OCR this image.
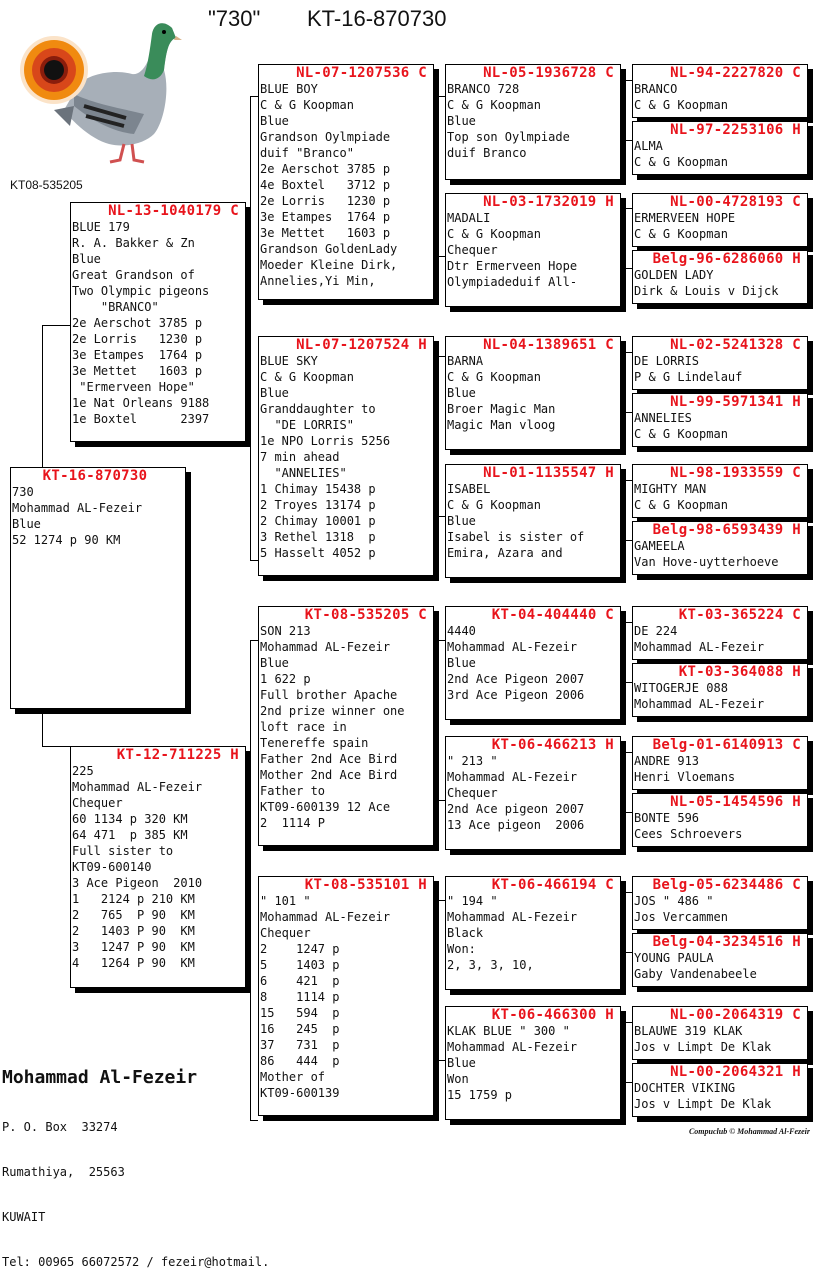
"730" KT-16-870730
KT08-535205
KT-16-870730
730
Mohammad AL-Fezeir
Blue
52 1274 p 90 KM
NL-13-1040179 C
BLUE 179
R. A. Bakker & Zn
Blue
Great Grandson of
Two Olympic pigeons
"BRANCO"
2e Aerschot 3785 p
2e Lorris   1230 p
3e Etampes  1764 p
3e Mettet   1603 p
"Ermerveen Hope"
1e Nat Orleans 9188
1e Boxtel      2397
KT-12-711225 H
225
Mohammad AL-Fezeir
Chequer
60 1134 p 320 KM
64 471  p 385 KM
Full sister to
KT09-600140
3 Ace Pigeon  2010
1   2124 p 210 KM
2   765  P 90  KM
2   1403 P 90  KM
3   1247 P 90  KM
4   1264 P 90  KM
NL-07-1207536 C
BLUE BOY
C & G Koopman
Blue
Grandson Oylmpiade
duif "Branco"
2e Aerschot 3785 p
4e Boxtel   3712 p
2e Lorris   1230 p
3e Etampes  1764 p
3e Mettet   1603 p
Grandson GoldenLady
Moeder Kleine Dirk,
Annelies,Yi Min,
NL-07-1207524 H
BLUE SKY
C & G Koopman
Blue
Granddaughter to
"DE LORRIS"
1e NPO Lorris 5256
7 min ahead
"ANNELIES"
1 Chimay 15438 p
2 Troyes 13174 p
2 Chimay 10001 p
3 Rethel 1318  p
5 Hasselt 4052 p
KT-08-535205 C
SON 213
Mohammad AL-Fezeir
Blue
1 622 p
Full brother Apache
2nd prize winner one
loft race in
Tenereffe spain
Father 2nd Ace Bird
Mother 2nd Ace Bird
Father to
KT09-600139 12 Ace
2  1114 P
KT-08-535101 H
" 101 "
Mohammad AL-Fezeir
Chequer
2    1247 p
5    1403 p
6    421  p
8    1114 p
15   594  p
16   245  p
37   731  p
86   444  p
Mother of
KT09-600139
NL-05-1936728 C
BRANCO 728
C & G Koopman
Blue
Top son Oylmpiade
duif Branco
NL-03-1732019 H
MADALI
C & G Koopman
Chequer
Dtr Ermerveen Hope
Olympiadeduif All-
NL-04-1389651 C
BARNA
C & G Koopman
Blue
Broer Magic Man
Magic Man vloog
NL-01-1135547 H
ISABEL
C & G Koopman
Blue
Isabel is sister of
Emira, Azara and
KT-04-404440 C
4440
Mohammad AL-Fezeir
Blue
2nd Ace Pigeon 2007
3rd Ace Pigeon 2006
KT-06-466213 H
" 213 "
Mohammad AL-Fezeir
Chequer
2nd Ace pigeon 2007
13 Ace pigeon  2006
KT-06-466194 C
" 194 "
Mohammad AL-Fezeir
Black
Won:
2, 3, 3, 10,
KT-06-466300 H
KLAK BLUE " 300 "
Mohammad AL-Fezeir
Blue
Won
15 1759 p
NL-94-2227820 C
BRANCO
C & G Koopman
NL-97-2253106 H
ALMA
C & G Koopman
NL-00-4728193 C
ERMERVEEN HOPE
C & G Koopman
Belg-96-6286060 H
GOLDEN LADY
Dirk & Louis v Dijck
NL-02-5241328 C
DE LORRIS
P & G Lindelauf
NL-99-5971341 H
ANNELIES
C & G Koopman
NL-98-1933559 C
MIGHTY MAN
C & G Koopman
Belg-98-6593439 H
GAMEELA
Van Hove-uytterhoeve
KT-03-365224 C
DE 224
Mohammad AL-Fezeir
KT-03-364088 H
WITOGERJE 088
Mohammad AL-Fezeir
Belg-01-6140913 C
ANDRE 913
Henri Vloemans
NL-05-1454596 H
BONTE 596
Cees Schroevers
Belg-05-6234486 C
JOS " 486 "
Jos Vercammen
Belg-04-3234516 H
YOUNG PAULA
Gaby Vandenabeele
NL-00-2064319 C
BLAUWE 319 KLAK
Jos v Limpt De Klak
NL-00-2064321 H
DOCHTER VIKING
Jos v Limpt De Klak

Mohammad Al-Fezeir

P. O. Box  33274

Rumathiya,  25563

KUWAIT

Tel: 00965 66072572 / fezeir@hotmail.

Compuclub © Mohammad Al-Fezeir
